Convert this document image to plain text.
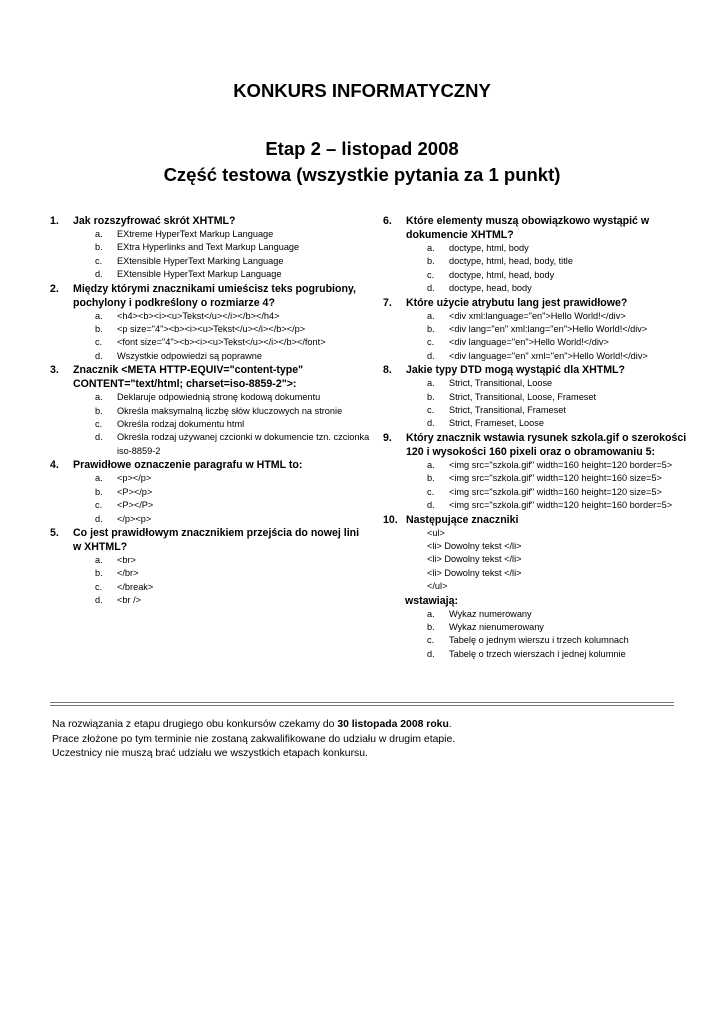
KONKURS INFORMATYCZNY
Etap 2 – listopad 2008
Część testowa (wszystkie pytania za 1 punkt)
1.	Jak rozszyfrować skrót XHTML?
a.	EXtreme HyperText Markup Language
b.	EXtra Hyperlinks and Text Markup Language
c.	EXtensible HyperText Marking Language
d.	EXtensible HyperText Markup Language
2.	Między którymi znacznikami umieścisz teks pogrubiony, pochylony i podkreślony o rozmiarze 4?
a.	<h4><b><i><u>Tekst</u></i></b></h4>
b.	<p size="4"><b><i><u>Tekst</u></i></b></p>
c.	<font size="4"><b><i><u>Tekst</u></i></b></font>
d.	Wszystkie odpowiedzi są poprawne
3.	Znacznik <META HTTP-EQUIV="content-type" CONTENT="text/html; charset=iso-8859-2">:
a.	Deklaruje odpowiednią stronę kodową dokumentu
b.	Określa maksymalną liczbę słów kluczowych na stronie
c.	Określa rodzaj dokumentu html
d.	Określa rodzaj używanej czcionki w dokumencie tzn. czcionka iso-8859-2
4.	Prawidłowe oznaczenie paragrafu w HTML to:
a.	<p></p>
b.	<P></p>
c.	<P></P>
d.	</p><p>
5.	Co jest prawidłowym znacznikiem przejścia do nowej lini w XHTML?
a.	<br>
b.	</br>
c.	</break>
d.	<br />
6.	Które elementy muszą obowiązkowo wystąpić w dokumencie XHTML?
a.	doctype, html, body
b.	doctype, html, head, body, title
c.	doctype, html, head, body
d.	doctype, head, body
7.	Które użycie atrybutu lang jest prawidłowe?
a.	<div xml:language="en">Hello World!</div>
b.	<div lang="en" xml:lang="en">Hello World!</div>
c.	<div language="en">Hello World!</div>
d.	<div language="en" xml="en">Hello World!</div>
8.	Jakie typy DTD mogą wystąpić dla XHTML?
a.	Strict, Transitional, Loose
b.	Strict, Transitional, Loose, Frameset
c.	Strict, Transitional, Frameset
d.	Strict, Frameset, Loose
9.	Który znacznik wstawia rysunek szkola.gif o szerokości 120 i wysokości 160 pixeli oraz o obramowaniu 5:
a.	<img src="szkola.gif" width=160 height=120 border=5>
b.	<img src="szkola.gif" width=120 height=160 size=5>
c.	<img src="szkola.gif" width=160 height=120 size=5>
d.	<img src="szkola.gif" width=120 height=160 border=5>
10. Następujące znaczniki
<ul>
<li> Dowolny tekst </li>
<li> Dowolny tekst </li>
<li> Dowolny tekst </li>
</ul>
wstawiają:
a.	Wykaz numerowany
b.	Wykaz nienumerowany
c.	Tabelę o jednym wierszu i trzech kolumnach
d.	Tabelę o trzech wierszach i jednej kolumnie

Na rozwiązania z etapu drugiego obu konkursów czekamy do 30 listopada 2008 roku.

Prace złożone po tym terminie nie zostaną zakwalifikowane do udziału w drugim etapie.

Uczestnicy nie muszą brać udziału we wszystkich etapach konkursu.
